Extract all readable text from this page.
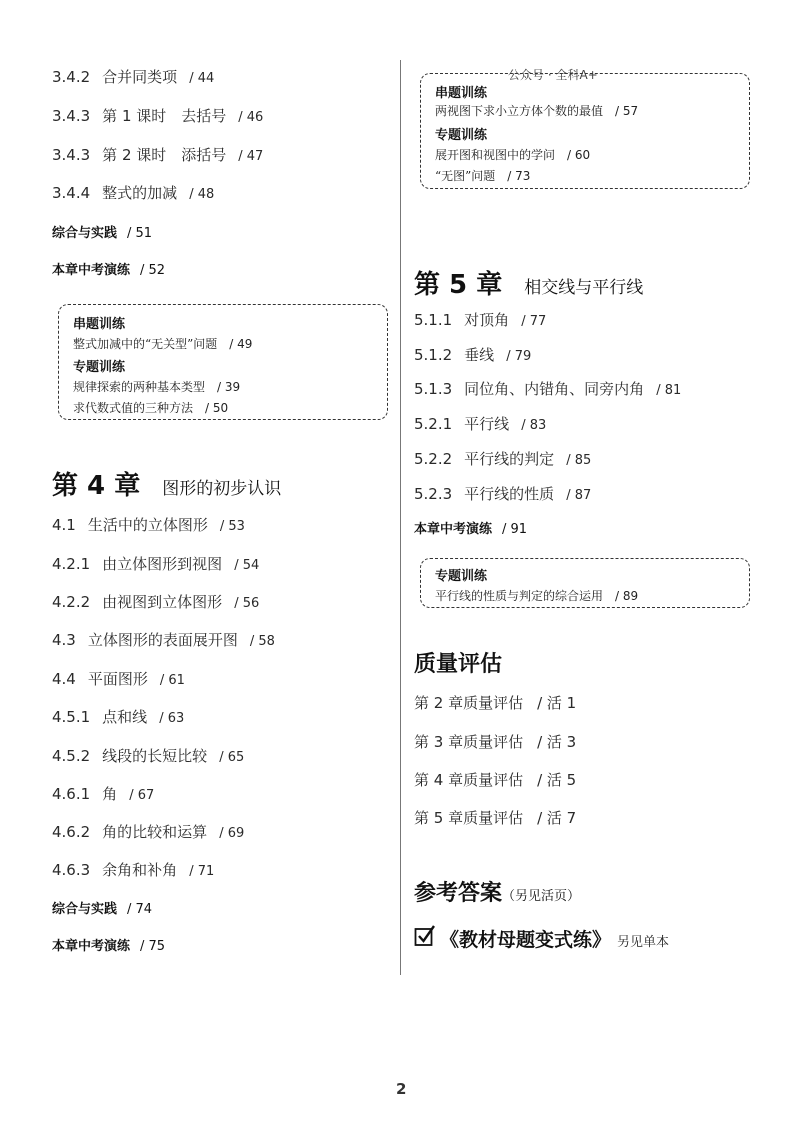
3.4.2 合并同类项 / 44
3.4.3 第 1 课时　去括号 / 46
3.4.3 第 2 课时　添括号 / 47
3.4.4 整式的加减 / 48
综合与实践 / 51
本章中考演练 / 52
串题训练
整式加减中的“无关型”问题 / 49
专题训练
规律探索的两种基本类型 / 39
求代数式值的三种方法 / 50
第 4 章 图形的初步认识
4.1 生活中的立体图形 / 53
4.2.1 由立体图形到视图 / 54
4.2.2 由视图到立体图形 / 56
4.3 立体图形的表面展开图 / 58
4.4 平面图形 / 61
4.5.1 点和线 / 63
4.5.2 线段的长短比较 / 65
4.6.1 角 / 67
4.6.2 角的比较和运算 / 69
4.6.3 余角和补角 / 71
综合与实践 / 74
本章中考演练 / 75
公众号 · 全科A+
串题训练
两视图下求小立方体个数的最值 / 57
专题训练
展开图和视图中的学问 / 60
“无图”问题 / 73
第 5 章 相交线与平行线
5.1.1 对顶角 / 77
5.1.2 垂线 / 79
5.1.3 同位角、内错角、同旁内角 / 81
5.2.1 平行线 / 83
5.2.2 平行线的判定 / 85
5.2.3 平行线的性质 / 87
本章中考演练 / 91
专题训练
平行线的性质与判定的综合运用 / 89
质量评估
第 2 章质量评估 / 活 1
第 3 章质量评估 / 活 3
第 4 章质量评估 / 活 5
第 5 章质量评估 / 活 7
参考答案（另见活页）
《教材母题变式练》 另见单本
2
